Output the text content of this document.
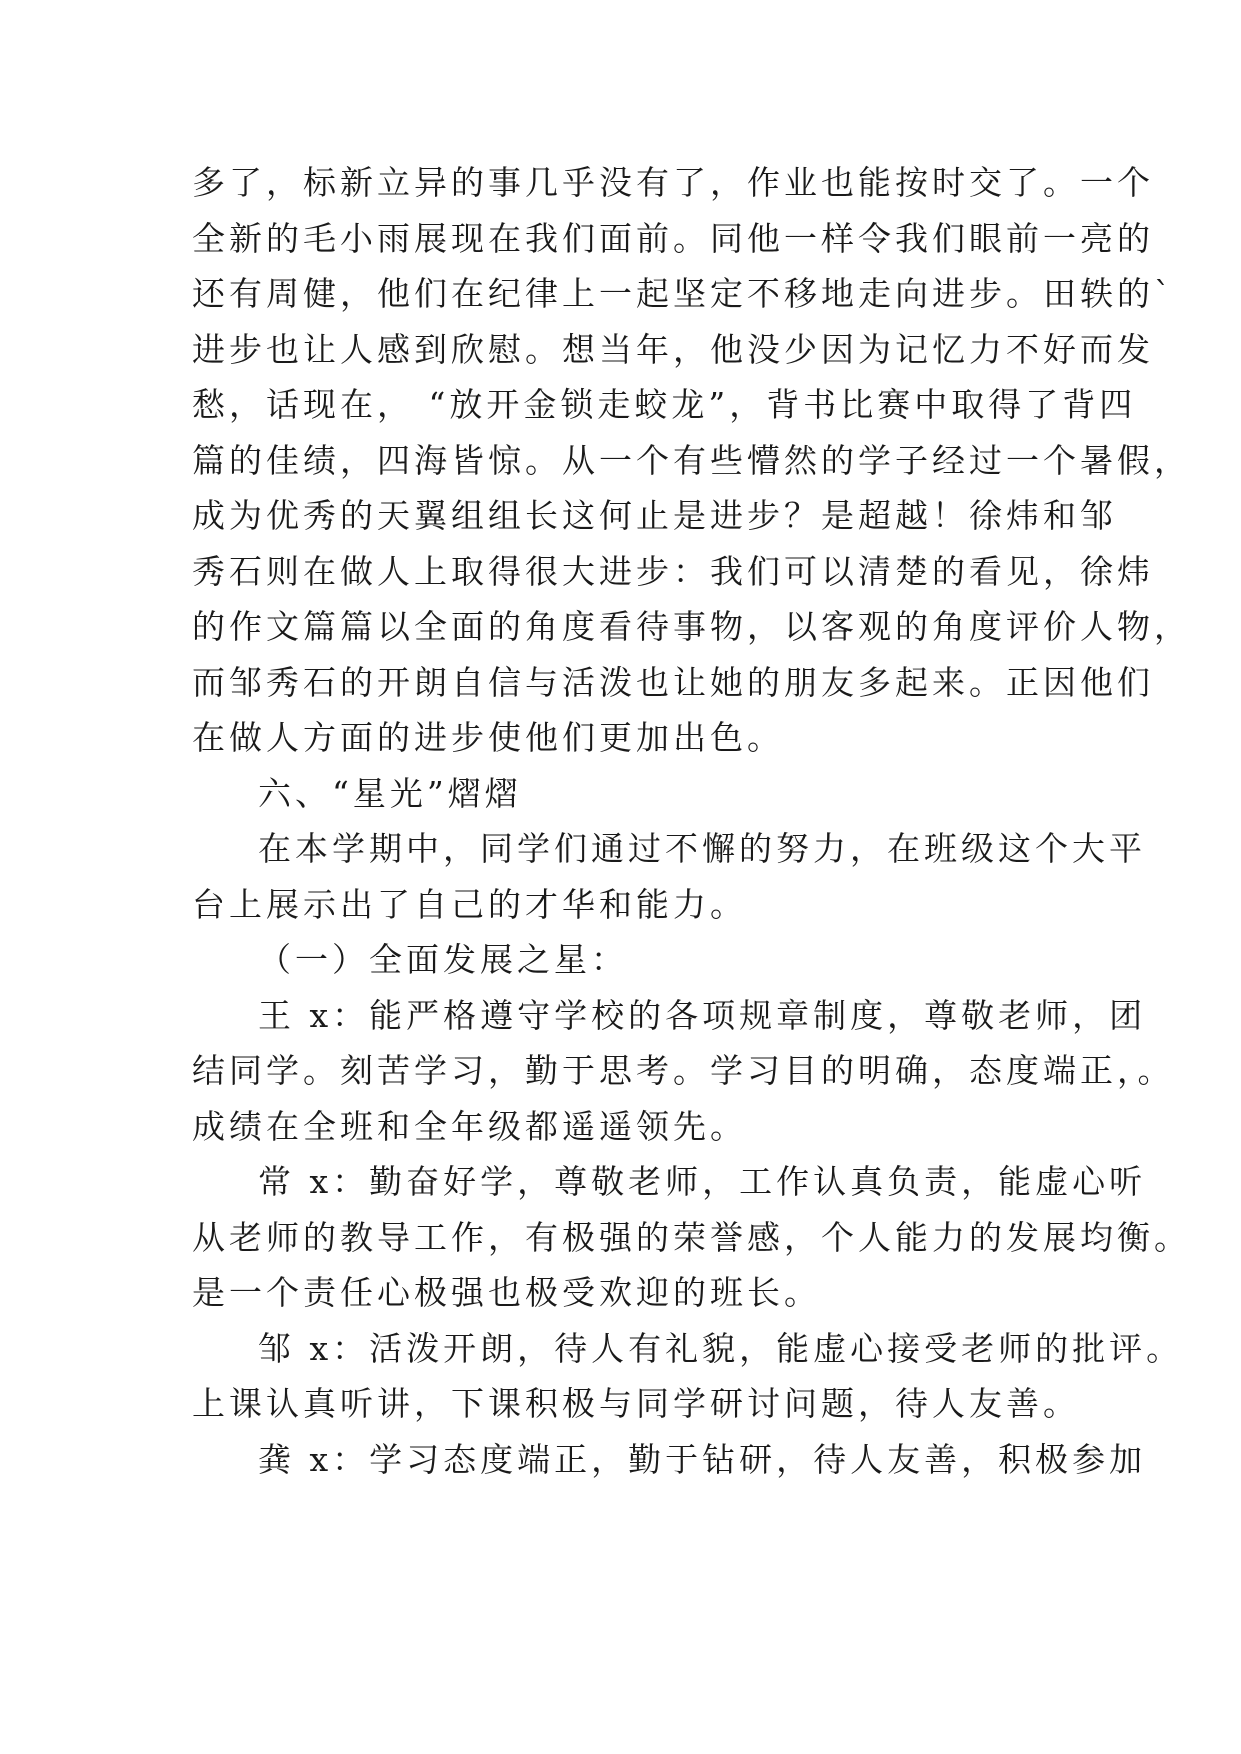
多了，标新立异的事几乎没有了，作业也能按时交了。一个
全新的毛小雨展现在我们面前。同他一样令我们眼前一亮的
还有周健，他们在纪律上一起坚定不移地走向进步。田轶的`
进步也让人感到欣慰。想当年，他没少因为记忆力不好而发
愁，话现在， “放开金锁走蛟龙”，背书比赛中取得了背四
篇的佳绩，四海皆惊。从一个有些懵然的学子经过一个暑假，
成为优秀的天翼组组长这何止是进步？是超越！徐炜和邹
秀石则在做人上取得很大进步：我们可以清楚的看见，徐炜
的作文篇篇以全面的角度看待事物，以客观的角度评价人物，
而邹秀石的开朗自信与活泼也让她的朋友多起来。正因他们
在做人方面的进步使他们更加出色。
六、“星光”熠熠
在本学期中，同学们通过不懈的努力，在班级这个大平
台上展示出了自己的才华和能力。
（一）全面发展之星：
王 x：能严格遵守学校的各项规章制度，尊敬老师，团
结同学。刻苦学习，勤于思考。学习目的明确，态度端正，。
成绩在全班和全年级都遥遥领先。
常 x：勤奋好学，尊敬老师，工作认真负责，能虚心听
从老师的教导工作，有极强的荣誉感，个人能力的发展均衡。
是一个责任心极强也极受欢迎的班长。
邹 x：活泼开朗，待人有礼貌，能虚心接受老师的批评。
上课认真听讲，下课积极与同学研讨问题，待人友善。
龚 x：学习态度端正，勤于钻研，待人友善，积极参加
